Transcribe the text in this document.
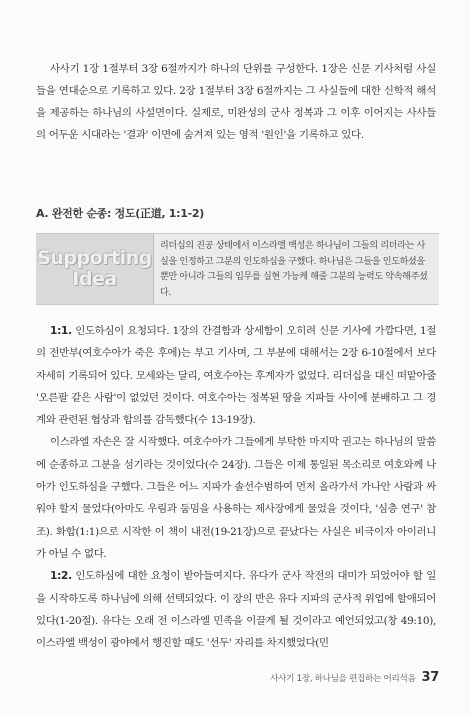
사사기 1장 1절부터 3장 6절까지가 하나의 단위를 구성한다. 1장은 신문 기사처럼 사실들을 연대순으로 기록하고 있다. 2장 1절부터 3장 6절까지는 그 사실들에 대한 신학적 해석을 제공하는 하나님의 사설면이다. 실제로, 미완성의 군사 정복과 그 이후 이어지는 사사들의 어두운 시대라는 '결과' 이면에 숨겨져 있는 영적 '원인'을 기록하고 있다.

A. 완전한 순종: 정도(正道, 1:1-2)
Supporting
Idea
리더십의 진공 상태에서 이스라엘 백성은 하나님이 그들의 리더라는 사실을 인정하고 그분의 인도하심을 구했다. 하나님은 그들을 인도하셨을 뿐만 아니라 그들의 임무를 실현 가능케 해줄 그분의 능력도 약속해주셨다.

1:1. 인도하심이 요청되다. 1장의 간결함과 상세함이 오히려 신문 기사에 가깝다면, 1절의 전반부(여호수아가 죽은 후에)는 부고 기사며, 그 부분에 대해서는 2장 6-10절에서 보다 자세히 기록되어 있다. 모세와는 달리, 여호수아는 후계자가 없었다. 리더십을 대신 떠맡아줄 '오른팔 같은 사람'이 없었던 것이다. 여호수아는 정복된 땅을 지파들 사이에 분배하고 그 경계와 관련된 협상과 합의를 감독했다(수 13-19장).

이스라엘 자손은 잘 시작했다. 여호수아가 그들에게 부탁한 마지막 권고는 하나님의 말씀에 순종하고 그분을 섬기라는 것이었다(수 24장). 그들은 이제 통일된 목소리로 여호와께 나아가 인도하심을 구했다. 그들은 어느 지파가 솔선수범하여 먼저 올라가서 가나안 사람과 싸워야 할지 물었다(아마도 우림과 둠밈을 사용하는 제사장에게 물었을 것이다, '심층 연구' 참조). 화합(1:1)으로 시작한 이 책이 내전(19-21장)으로 끝났다는 사실은 비극이자 아이러니가 아닐 수 없다.

1:2. 인도하심에 대한 요청이 받아들여지다. 유다가 군사 작전의 대미가 되었어야 할 일을 시작하도록 하나님에 의해 선택되었다. 이 장의 반은 유다 지파의 군사적 위업에 할애되어 있다(1-20절). 유다는 오래 전 이스라엘 민족을 이끌게 될 것이라고 예언되었고(창 49:10), 이스라엘 백성이 광야에서 행진할 때도 '선두' 자리를 차지했었다(민

사사기 1장, 하나님을 편집하는 어리석음 37
